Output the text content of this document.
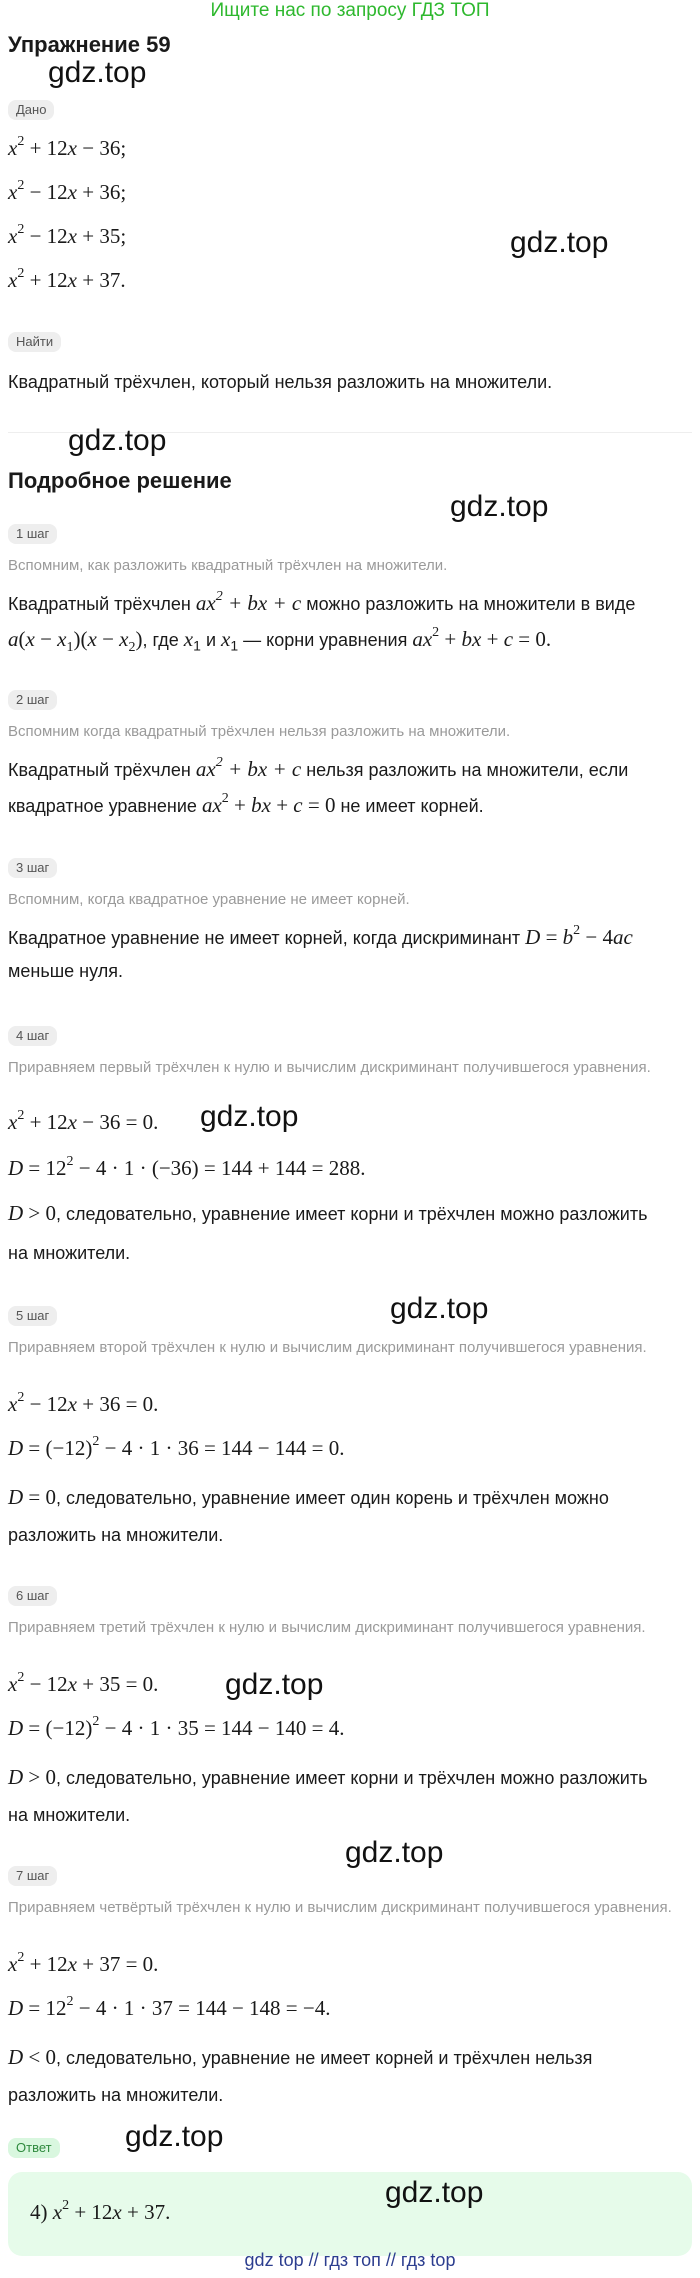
Ищите нас по запросу ГДЗ ТОП
Упражнение 59
Дано
$x^2 + 12x - 36$;
$x^2 - 12x + 36$;
$x^2 - 12x + 35$;
$x^2 + 12x + 37$.
Найти
Квадратный трёхчлен, который нельзя разложить на множители.
Подробное решение
1 шаг
Вспомним, как разложить квадратный трёхчлен на множители.
Квадратный трёхчлен $ax^2$ + bx + c можно разложить на множители в виде
$a(x - x_1)(x - x_2)$, где $x_1$ и $x_1$ — корни уравнения $ax^2$ + bx + c = 0.
2 шаг
Вспомним когда квадратный трёхчлен нельзя разложить на множители.
Квадратный трёхчлен $ax^2$ + bx + c нельзя разложить на множители, если
квадратное уравнение $ax^2$ + bx + c = 0 не имеет корней.
3 шаг
Вспомним, когда квадратное уравнение не имеет корней.
Квадратное уравнение не имеет корней, когда дискриминант $D = b^2 - 4ac$
меньше нуля.
4 шаг
Приравняем первый трёхчлен к нулю и вычислим дискриминант получившегося уравнения.
$x^2 + 12x - 36 = 0$.
$D = 12^2 - 4 \cdot 1 \cdot (-36) = 144 + 144 = 288$.
D > 0, следовательно, уравнение имеет корни и трёхчлен можно разложить
на множители.
5 шаг
Приравняем второй трёхчлен к нулю и вычислим дискриминант получившегося уравнения.
$x^2 - 12x + 36 = 0$.
$D = (-12)^2 - 4 \cdot 1 \cdot 36 = 144 - 144 = 0$.
D = 0, следовательно, уравнение имеет один корень и трёхчлен можно
разложить на множители.
6 шаг
Приравняем третий трёхчлен к нулю и вычислим дискриминант получившегося уравнения.
$x^2 - 12x + 35 = 0$.
$D = (-12)^2 - 4 \cdot 1 \cdot 35 = 144 - 140 = 4$.
D > 0, следовательно, уравнение имеет корни и трёхчлен можно разложить
на множители.
7 шаг
Приравняем четвёртый трёхчлен к нулю и вычислим дискриминант получившегося уравнения.
$x^2 + 12x + 37 = 0$.
$D = 12^2 - 4 \cdot 1 \cdot 37 = 144 - 148 = -4$.
D < 0, следовательно, уравнение не имеет корней и трёхчлен нельзя
разложить на множители.
Ответ
4) $x^2 + 12x + 37$.
gdz.top
gdz.top
gdz.top
gdz.top
gdz.top
gdz.top
gdz.top
gdz.top
gdz.top
gdz.top
gdz top // гдз топ // гдз top
